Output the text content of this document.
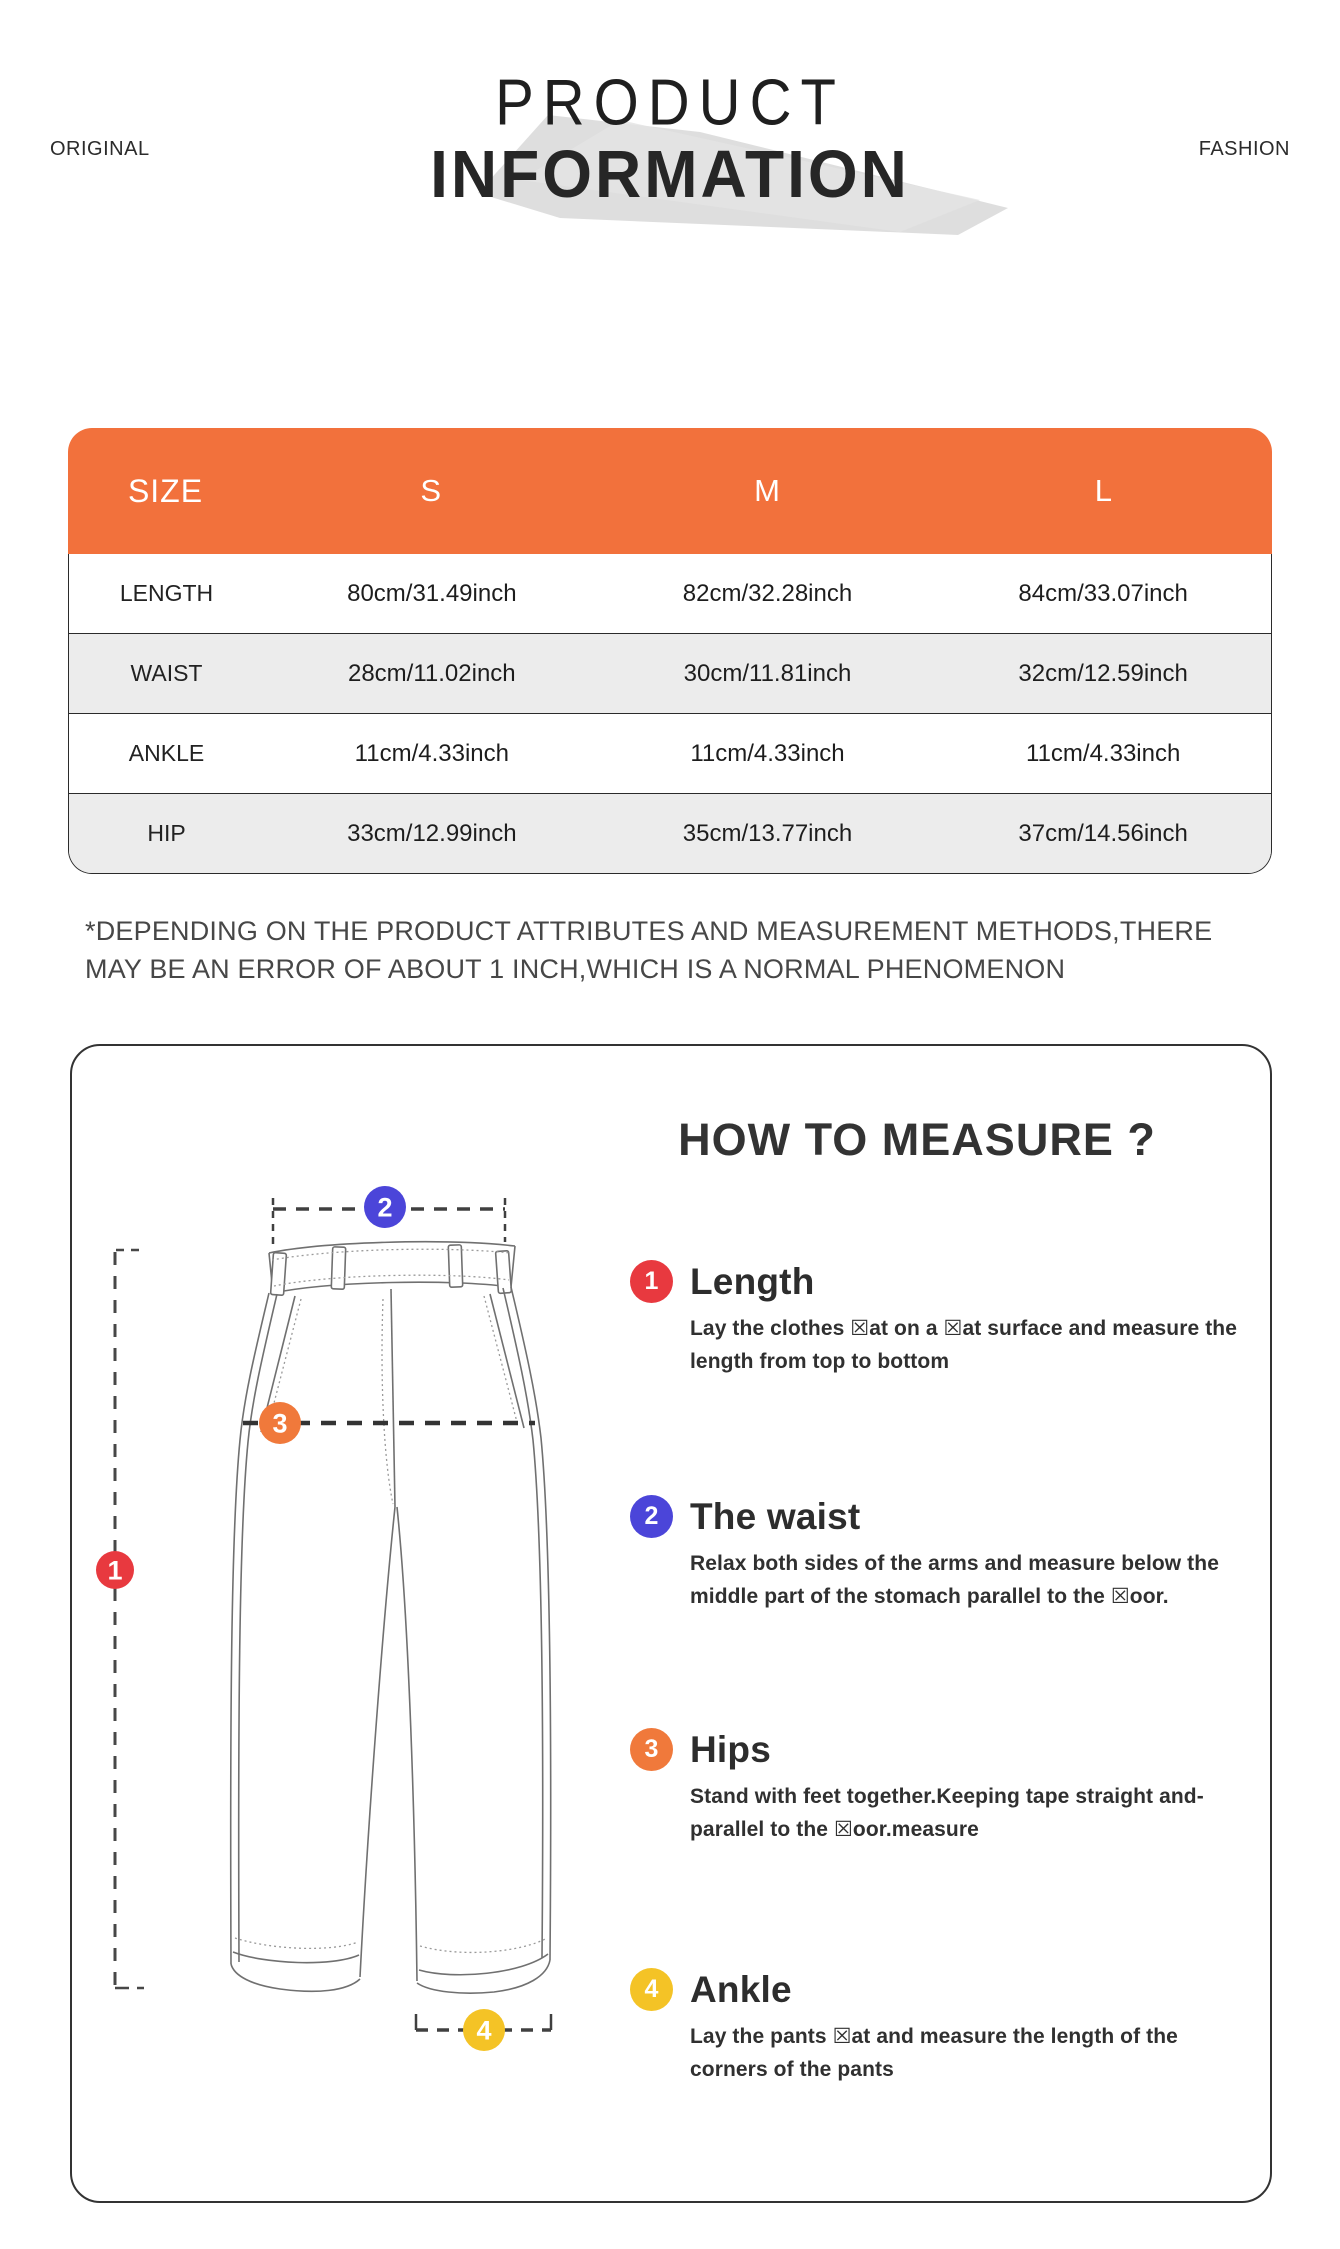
ORIGINAL	FASHION
PRODUCT
INFORMATION
SIZE	S	M	L
LENGTH	80cm/31.49inch	82cm/32.28inch	84cm/33.07inch
WAIST	28cm/11.02inch	30cm/11.81inch	32cm/12.59inch
ANKLE	11cm/4.33inch	11cm/4.33inch	11cm/4.33inch
HIP	33cm/12.99inch	35cm/13.77inch	37cm/14.56inch
*DEPENDING ON THE PRODUCT ATTRIBUTES AND MEASUREMENT METHODS,THERE MAY BE AN ERROR OF ABOUT 1 INCH,WHICH IS A NORMAL PHENOMENON
HOW TO MEASURE ?
1
2
3
4
1 Length
Lay the clothes ☒at on a ☒at surface and measure the length from top to bottom
2 The waist
Relax both sides of the arms and measure below the middle part of the stomach parallel to the ☒oor.
3 Hips
Stand with feet together.Keeping tape straight and-parallel to the ☒oor.measure
4 Ankle
Lay the pants ☒at and measure the length of the corners of the pants
